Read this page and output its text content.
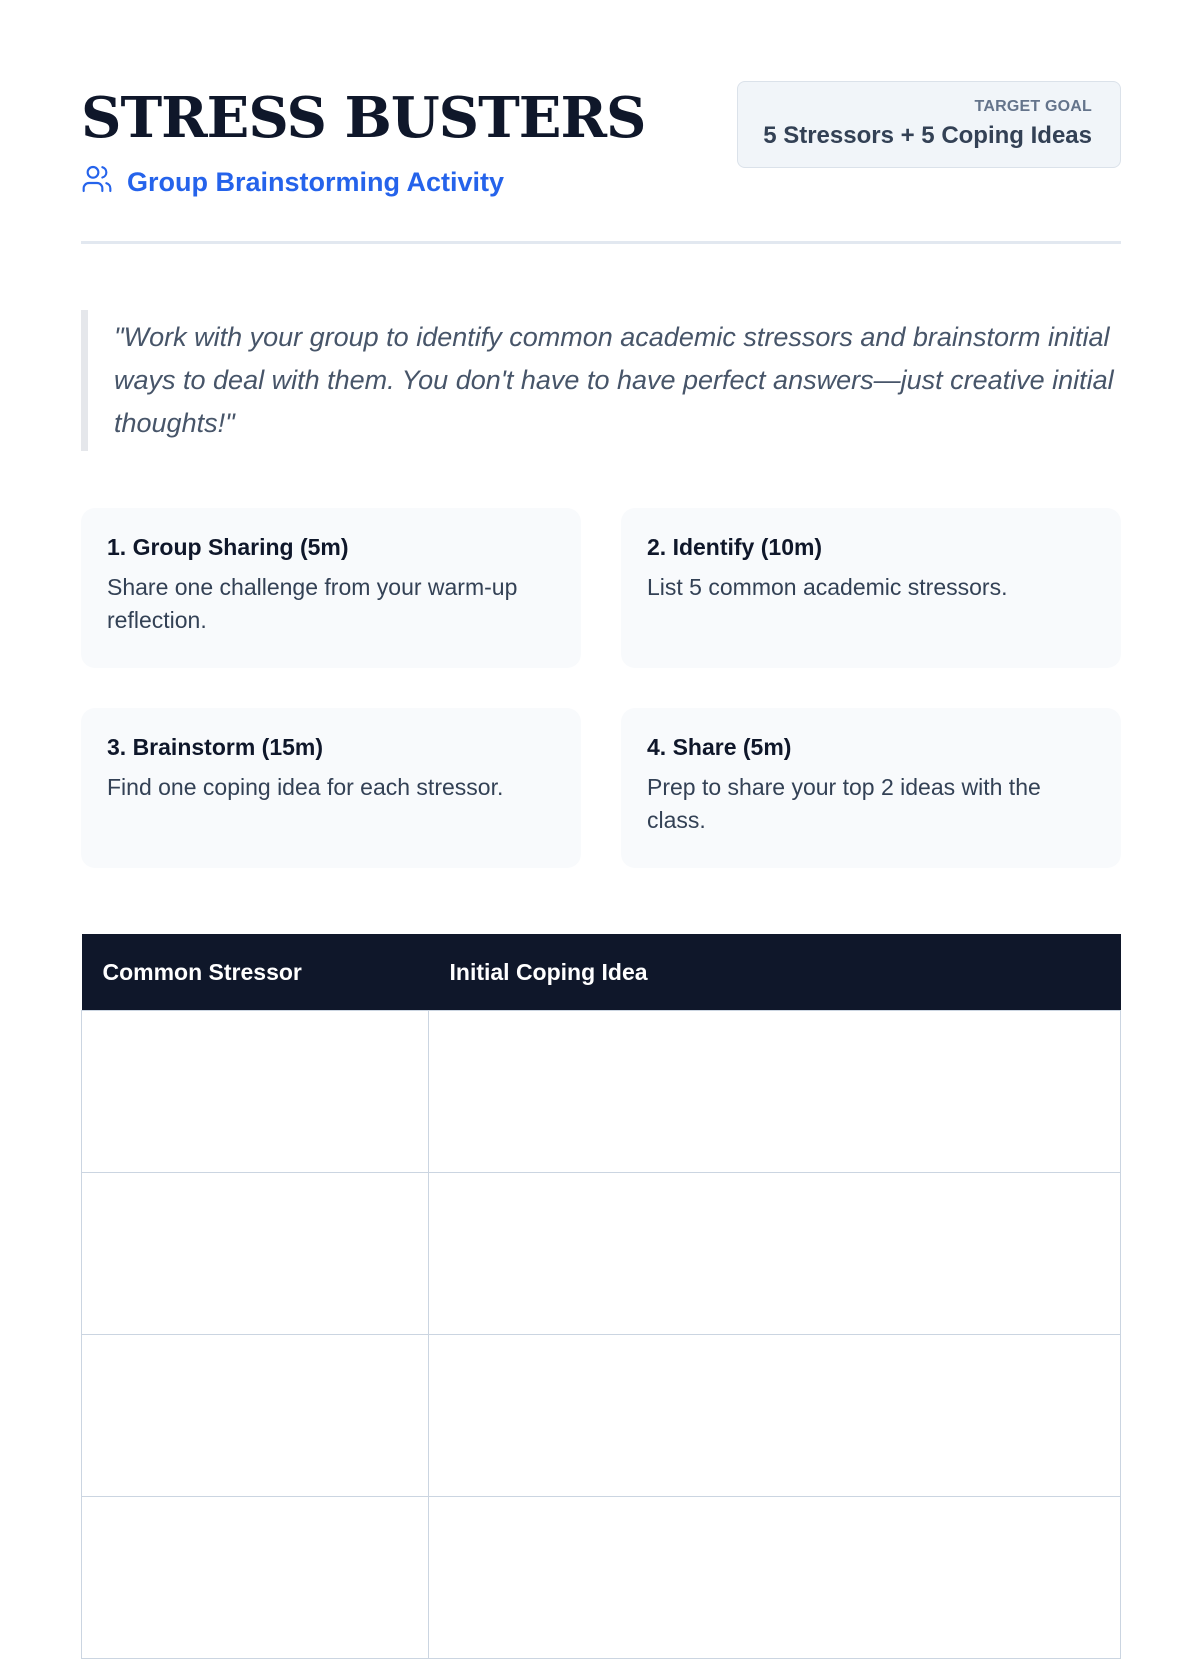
STRESS BUSTERS
Group Brainstorming Activity
TARGET GOAL
5 Stressors + 5 Coping Ideas
"Work with your group to identify common academic stressors and brainstorm initial ways to deal with them. You don't have to have perfect answers—just creative initial thoughts!"
1. Group Sharing (5m)
Share one challenge from your warm-up reflection.
2. Identify (10m)
List 5 common academic stressors.
3. Brainstorm (15m)
Find one coping idea for each stressor.
4. Share (5m)
Prep to share your top 2 ideas with the class.
Common Stressor	Initial Coping Idea
